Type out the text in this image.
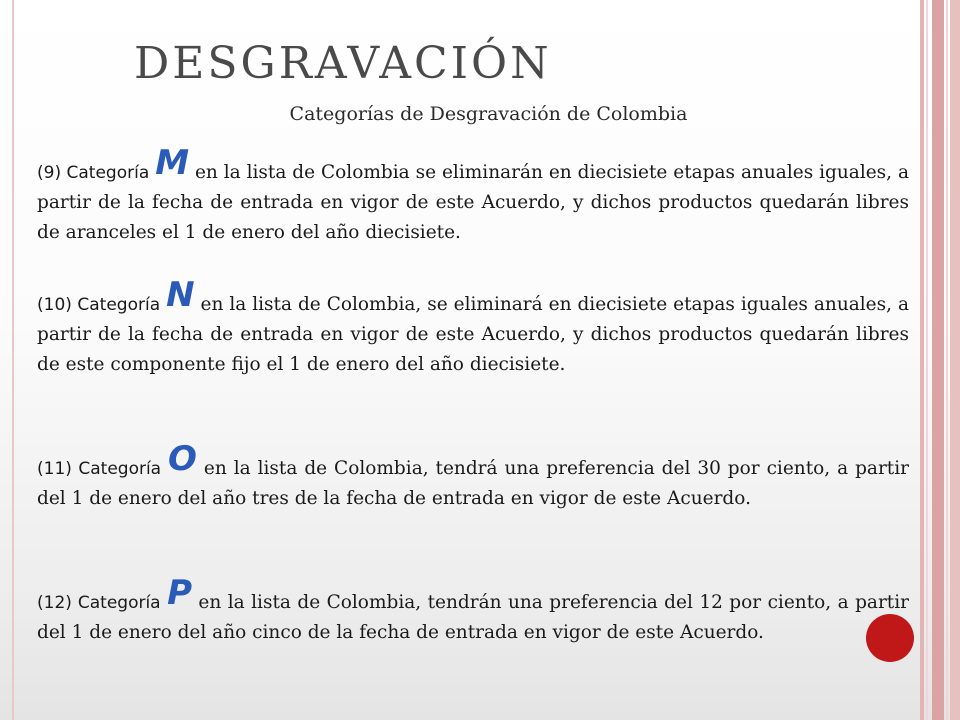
DESGRAVACIÓN
Categorías de Desgravación de Colombia

(9) Categoría M en la lista de Colombia se eliminarán en diecisiete etapas anuales iguales, a partir de la fecha de entrada en vigor de este Acuerdo, y dichos productos quedarán libres de aranceles el 1 de enero del año diecisiete.

(10) Categoría N en la lista de Colombia, se eliminará en diecisiete etapas iguales anuales, a partir de la fecha de entrada en vigor de este Acuerdo, y dichos productos quedarán libres de este componente fijo el 1 de enero del año diecisiete.

(11) Categoría O en la lista de Colombia, tendrá una preferencia del 30 por ciento, a partir del 1 de enero del año tres de la fecha de entrada en vigor de este Acuerdo.

(12) Categoría P en la lista de Colombia, tendrán una preferencia del 12 por ciento, a partir del 1 de enero del año cinco de la fecha de entrada en vigor de este Acuerdo.
